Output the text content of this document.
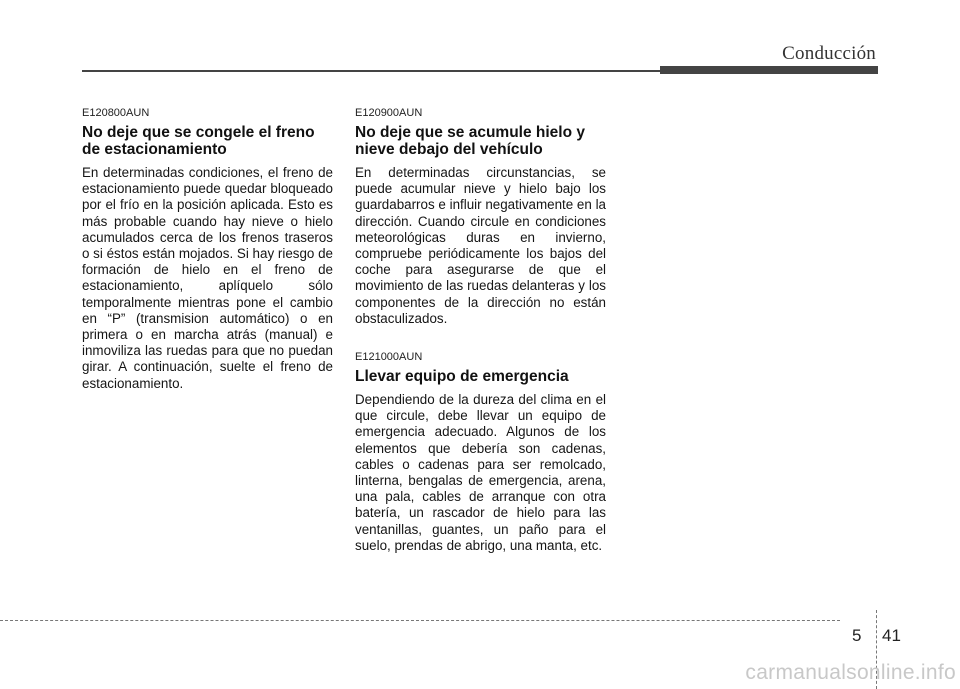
Conducción

E120800AUN

No deje que se congele el freno
de estacionamiento

En determinadas condiciones, el freno de estacionamiento puede quedar bloqueado por el frío en la posición aplicada. Esto es más probable cuando hay nieve o hielo acumulados cerca de los frenos traseros o si éstos están mojados. Si hay riesgo de formación de hielo en el freno de estacionamiento, aplíquelo sólo temporalmente mientras pone el cambio en “P” (transmision automático) o en primera o en marcha atrás (manual) e inmoviliza las ruedas para que no puedan girar. A continuación, suelte el freno de estacionamiento.

E120900AUN

No deje que se acumule hielo y
nieve debajo del vehículo

En determinadas circunstancias, se puede acumular nieve y hielo bajo los guardabarros e influir negativamente en la dirección. Cuando circule en condiciones meteorológicas duras en invierno, compruebe periódicamente los bajos del coche para asegurarse de que el movimiento de las ruedas delanteras y los componentes de la dirección no están obstaculizados.

E121000AUN

Llevar equipo de emergencia

Dependiendo de la dureza del clima en el que circule, debe llevar un equipo de emergencia adecuado. Algunos de los elementos que debería son cadenas, cables o cadenas para ser remolcado, linterna, bengalas de emergencia, arena, una pala, cables de arranque con otra batería, un rascador de hielo para las ventanillas, guantes, un paño para el suelo, prendas de abrigo, una manta, etc.

5 41
carmanualsonline.info
